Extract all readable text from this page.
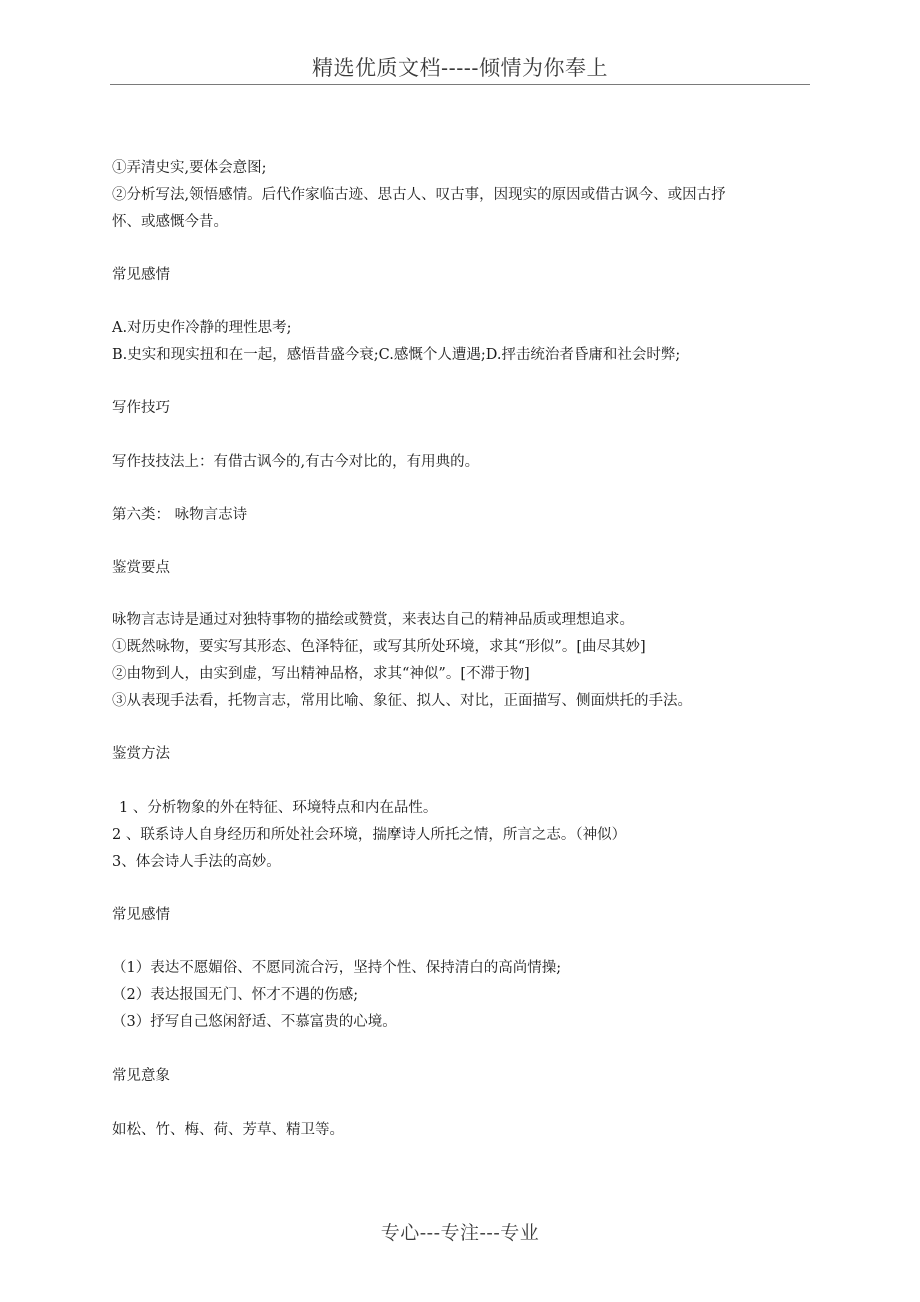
精选优质文档-----倾情为你奉上
①弄清史实,要体会意图;
②分析写法,领悟感情。后代作家临古迹、思古人、叹古事，因现实的原因或借古讽今、或因古抒
怀、或感慨今昔。
常见感情
A.对历史作冷静的理性思考;
B.史实和现实扭和在一起，感悟昔盛今衰;C.感慨个人遭遇;D.抨击统治者昏庸和社会时弊;
写作技巧
写作技技法上：有借古讽今的,有古今对比的，有用典的。
第六类： 咏物言志诗
鉴赏要点
咏物言志诗是通过对独特事物的描绘或赞赏，来表达自己的精神品质或理想追求。
①既然咏物，要实写其形态、色泽特征，或写其所处环境，求其“形似”。[曲尽其妙]
②由物到人，由实到虚，写出精神品格，求其“神似”。[不滞于物]
③从表现手法看，托物言志，常用比喻、象征、拟人、对比，正面描写、侧面烘托的手法。
鉴赏方法
1 、分析物象的外在特征、环境特点和内在品性。
2 、联系诗人自身经历和所处社会环境，揣摩诗人所托之情，所言之志。（神似）
3、体会诗人手法的高妙。
常见感情
（1）表达不愿媚俗、不愿同流合污，坚持个性、保持清白的高尚情操;
（2）表达报国无门、怀才不遇的伤感;
（3）抒写自己悠闲舒适、不慕富贵的心境。
常见意象
如松、竹、梅、荷、芳草、精卫等。
专心---专注---专业
